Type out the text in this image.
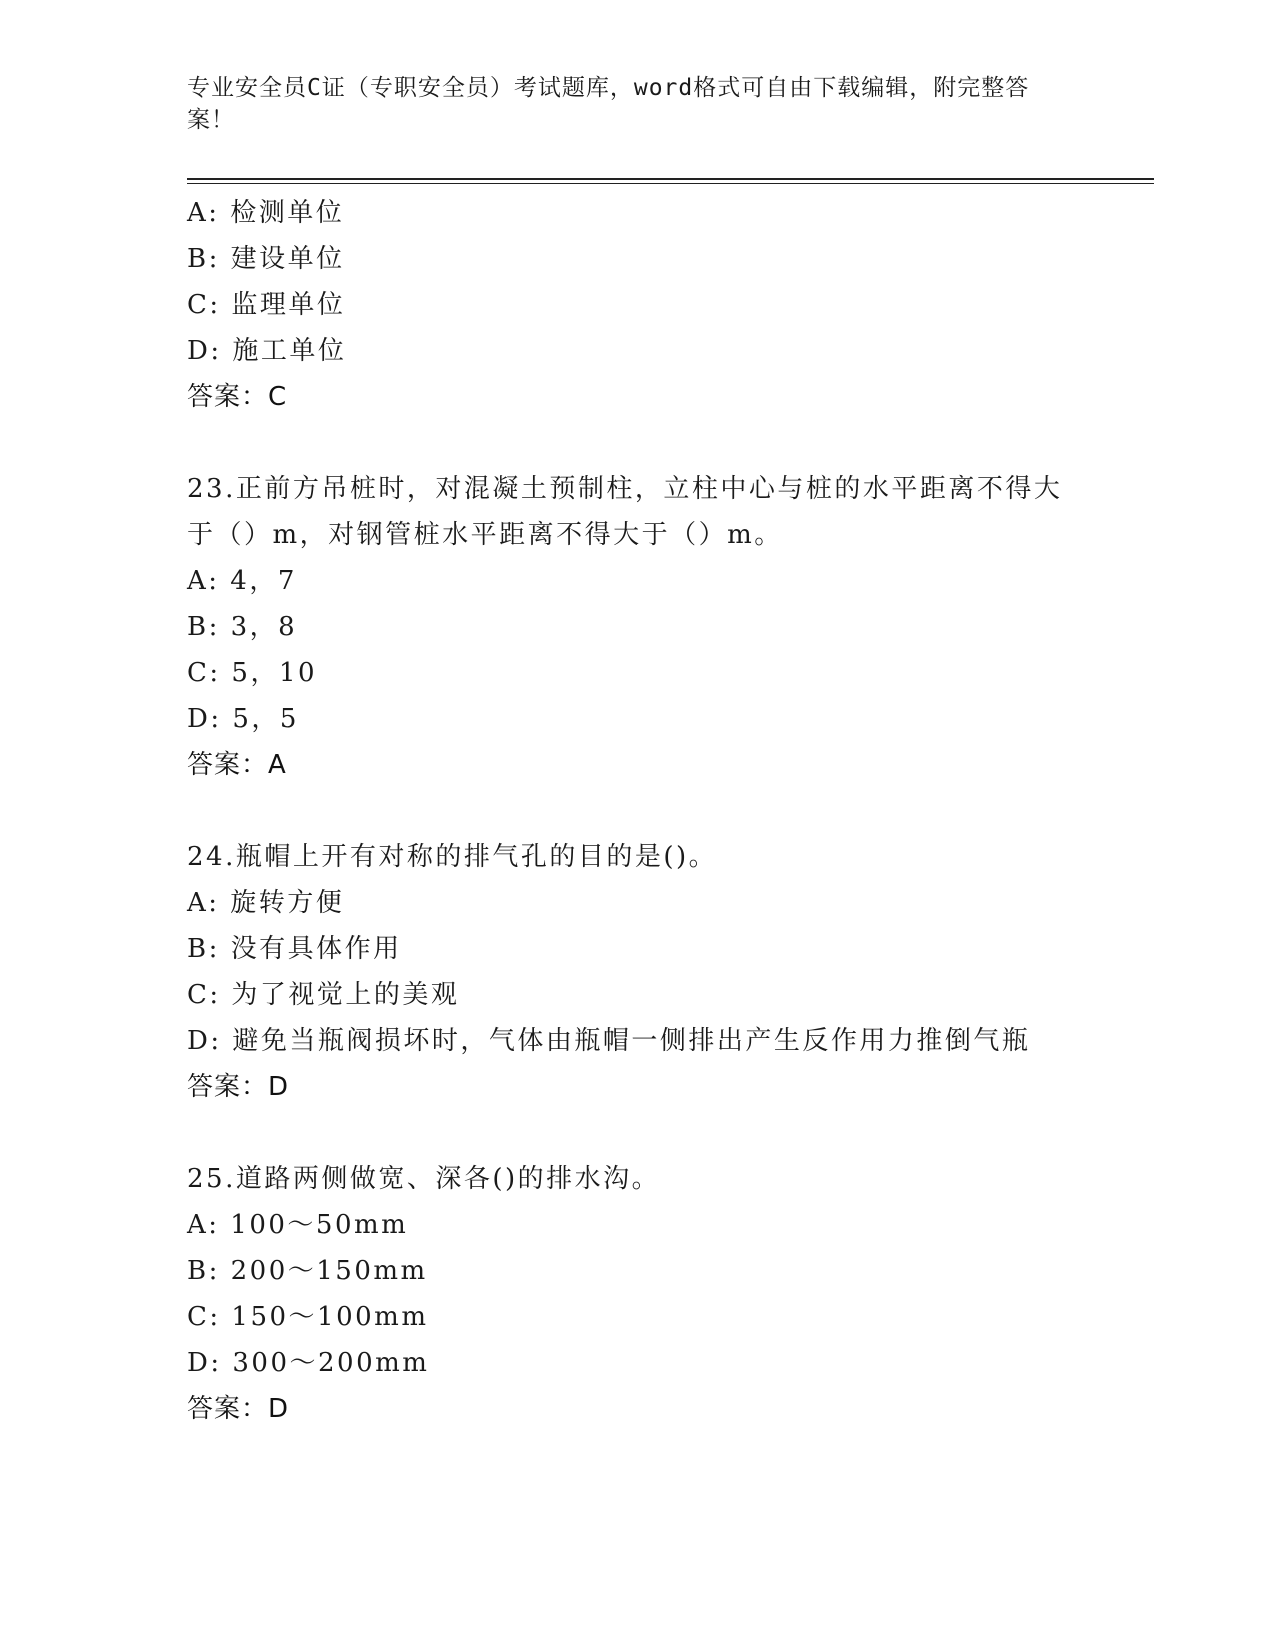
专业安全员C证（专职安全员）考试题库，word格式可自由下载编辑，附完整答案！
A: 检测单位
B: 建设单位
C: 监理单位
D: 施工单位
答案：C
23.正前方吊桩时，对混凝土预制柱，立柱中心与桩的水平距离不得大于（）m，对钢管桩水平距离不得大于（）m。
A: 4，7
B: 3，8
C: 5，10
D: 5，5
答案：A
24.瓶帽上开有对称的排气孔的目的是()。
A: 旋转方便
B: 没有具体作用
C: 为了视觉上的美观
D: 避免当瓶阀损坏时，气体由瓶帽一侧排出产生反作用力推倒气瓶
答案：D
25.道路两侧做宽、深各()的排水沟。
A: 100～50mm
B: 200～150mm
C: 150～100mm
D: 300～200mm
答案：D
